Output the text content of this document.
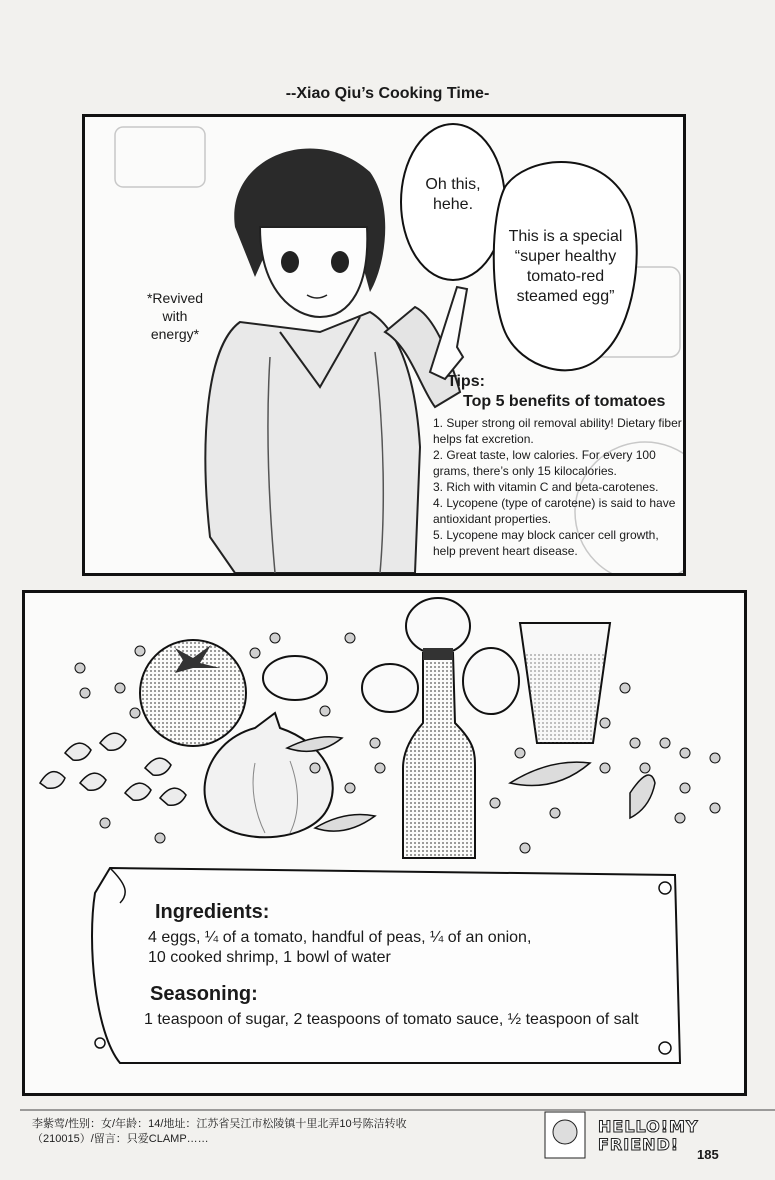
--Xiao Qiu’s Cooking Time-
Oh this,
hehe.
This is a special
“super healthy
tomato-red
steamed egg”
*Revived
with
energy*
Tips:
Top 5 benefits of tomatoes
1. Super strong oil removal ability! Dietary fiber helps fat excretion.
2. Great taste, low calories. For every 100 grams, there’s only 15 kilocalories.
3. Rich with vitamin C and beta-carotenes.
4. Lycopene (type of carotene) is said to have antioxidant properties.
5. Lycopene may block cancer cell growth, help prevent heart disease.
Ingredients:
4 eggs, ¼ of a tomato, handful of peas, ¼ of an onion,
10 cooked shrimp, 1 bowl of water
Seasoning:
1 teaspoon of sugar, 2 teaspoons of tomato sauce, ½ teaspoon of salt
李紫莺/性别：女/年龄：14/地址：江苏省吴江市松陵镇十里北弄10号陈洁转收
（210015）/留言：只爱CLAMP……
HELLO!MY
FRIEND!
185
